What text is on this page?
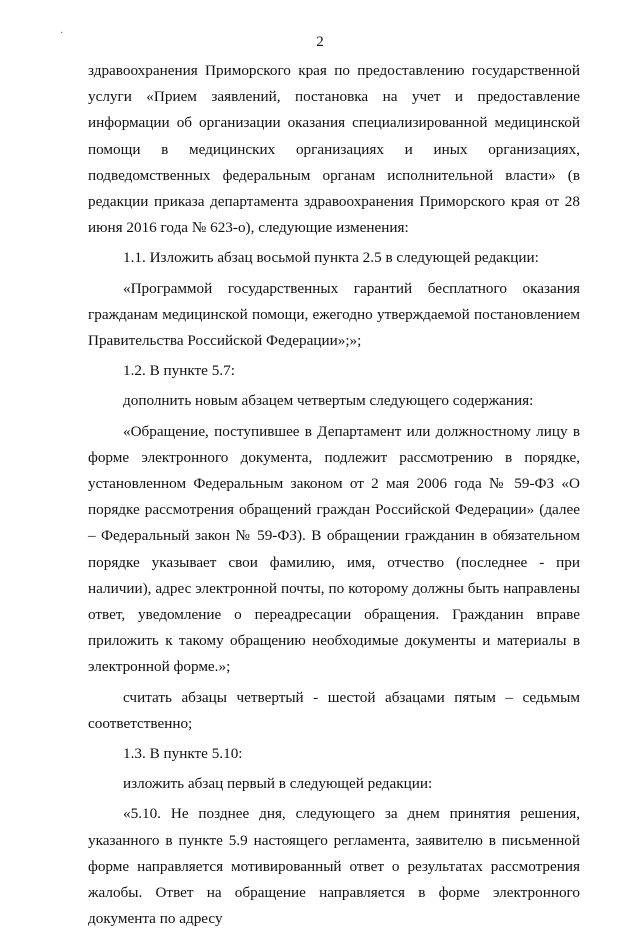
·
2

здравоохранения Приморского края по предоставлению государственной услуги «Прием заявлений, постановка на учет и предоставление информации об организации оказания специализированной медицинской помощи в медицинских организациях и иных организациях, подведомственных федеральным органам исполнительной власти» (в редакции приказа департамента здравоохранения Приморского края от 28 июня 2016 года № 623-о), следующие изменения:

1.1. Изложить абзац восьмой пункта 2.5 в следующей редакции:

«Программой государственных гарантий бесплатного оказания гражданам медицинской помощи, ежегодно утверждаемой постановлением Правительства Российской Федерации»;»;

1.2. В пункте 5.7:

дополнить новым абзацем четвертым следующего содержания:

«Обращение, поступившее в Департамент или должностному лицу в форме электронного документа, подлежит рассмотрению в порядке, установленном Федеральным законом от 2 мая 2006 года № 59-ФЗ «О порядке рассмотрения обращений граждан Российской Федерации» (далее – Федеральный закон № 59-ФЗ). В обращении гражданин в обязательном порядке указывает свои фамилию, имя, отчество (последнее - при наличии), адрес электронной почты, по которому должны быть направлены ответ, уведомление о переадресации обращения. Гражданин вправе приложить к такому обращению необходимые документы и материалы в электронной форме.»;

считать абзацы четвертый - шестой абзацами пятым – седьмым соответственно;

1.3. В пункте 5.10:

изложить абзац первый в следующей редакции:

«5.10. Не позднее дня, следующего за днем принятия решения, указанного в пункте 5.9 настоящего регламента, заявителю в письменной форме направляется мотивированный ответ о результатах рассмотрения жалобы. Ответ на обращение направляется в форме электронного документа по адресу
